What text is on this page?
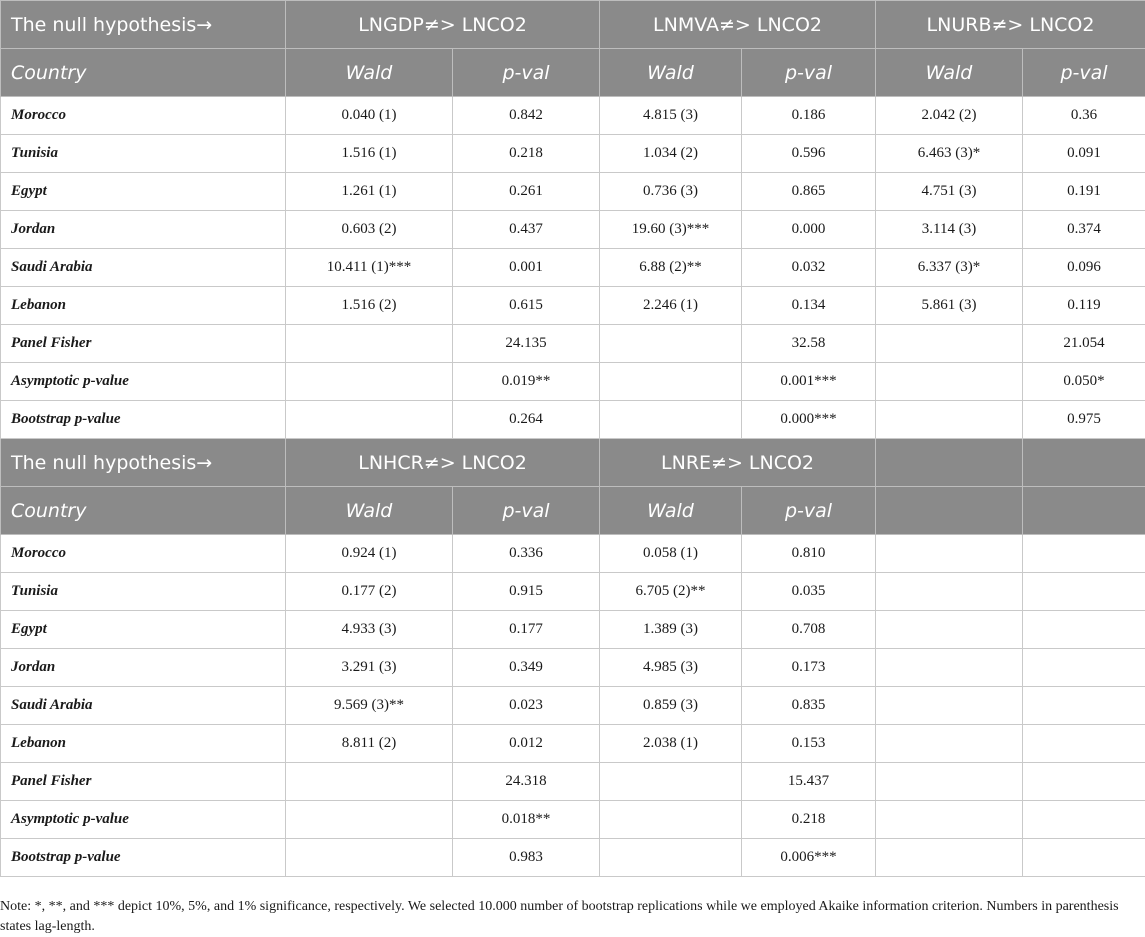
The null hypothesis→	LNGDP≠> LNCO2		LNMVA≠> LNCO2		LNURB≠> LNCO2	
Country	Wald	p-val	Wald	p-val	Wald	p-val
Morocco	0.040 (1)	0.842	4.815 (3)	0.186	2.042 (2)	0.36
Tunisia	1.516 (1)	0.218	1.034 (2)	0.596	6.463 (3)*	0.091
Egypt	1.261 (1)	0.261	0.736 (3)	0.865	4.751 (3)	0.191
Jordan	0.603 (2)	0.437	19.60 (3)***	0.000	3.114 (3)	0.374
Saudi Arabia	10.411 (1)***	0.001	6.88 (2)**	0.032	6.337 (3)*	0.096
Lebanon	1.516 (2)	0.615	2.246 (1)	0.134	5.861 (3)	0.119
Panel Fisher		24.135		32.58		21.054
Asymptotic p-value		0.019**		0.001***		0.050*
Bootstrap p-value		0.264		0.000***		0.975
The null hypothesis→	LNHCR≠> LNCO2		LNRE≠> LNCO2			
Country	Wald	p-val	Wald	p-val		
Morocco	0.924 (1)	0.336	0.058 (1)	0.810		
Tunisia	0.177 (2)	0.915	6.705 (2)**	0.035		
Egypt	4.933 (3)	0.177	1.389 (3)	0.708		
Jordan	3.291 (3)	0.349	4.985 (3)	0.173		
Saudi Arabia	9.569 (3)**	0.023	0.859 (3)	0.835		
Lebanon	8.811 (2)	0.012	2.038 (1)	0.153		
Panel Fisher		24.318		15.437		
Asymptotic p-value		0.018**		0.218		
Bootstrap p-value		0.983		0.006***		
Note: *, **, and *** depict 10%, 5%, and 1% significance, respectively. We selected 10.000 number of bootstrap replications while we employed Akaike information criterion. Numbers in parenthesis states lag-length.
